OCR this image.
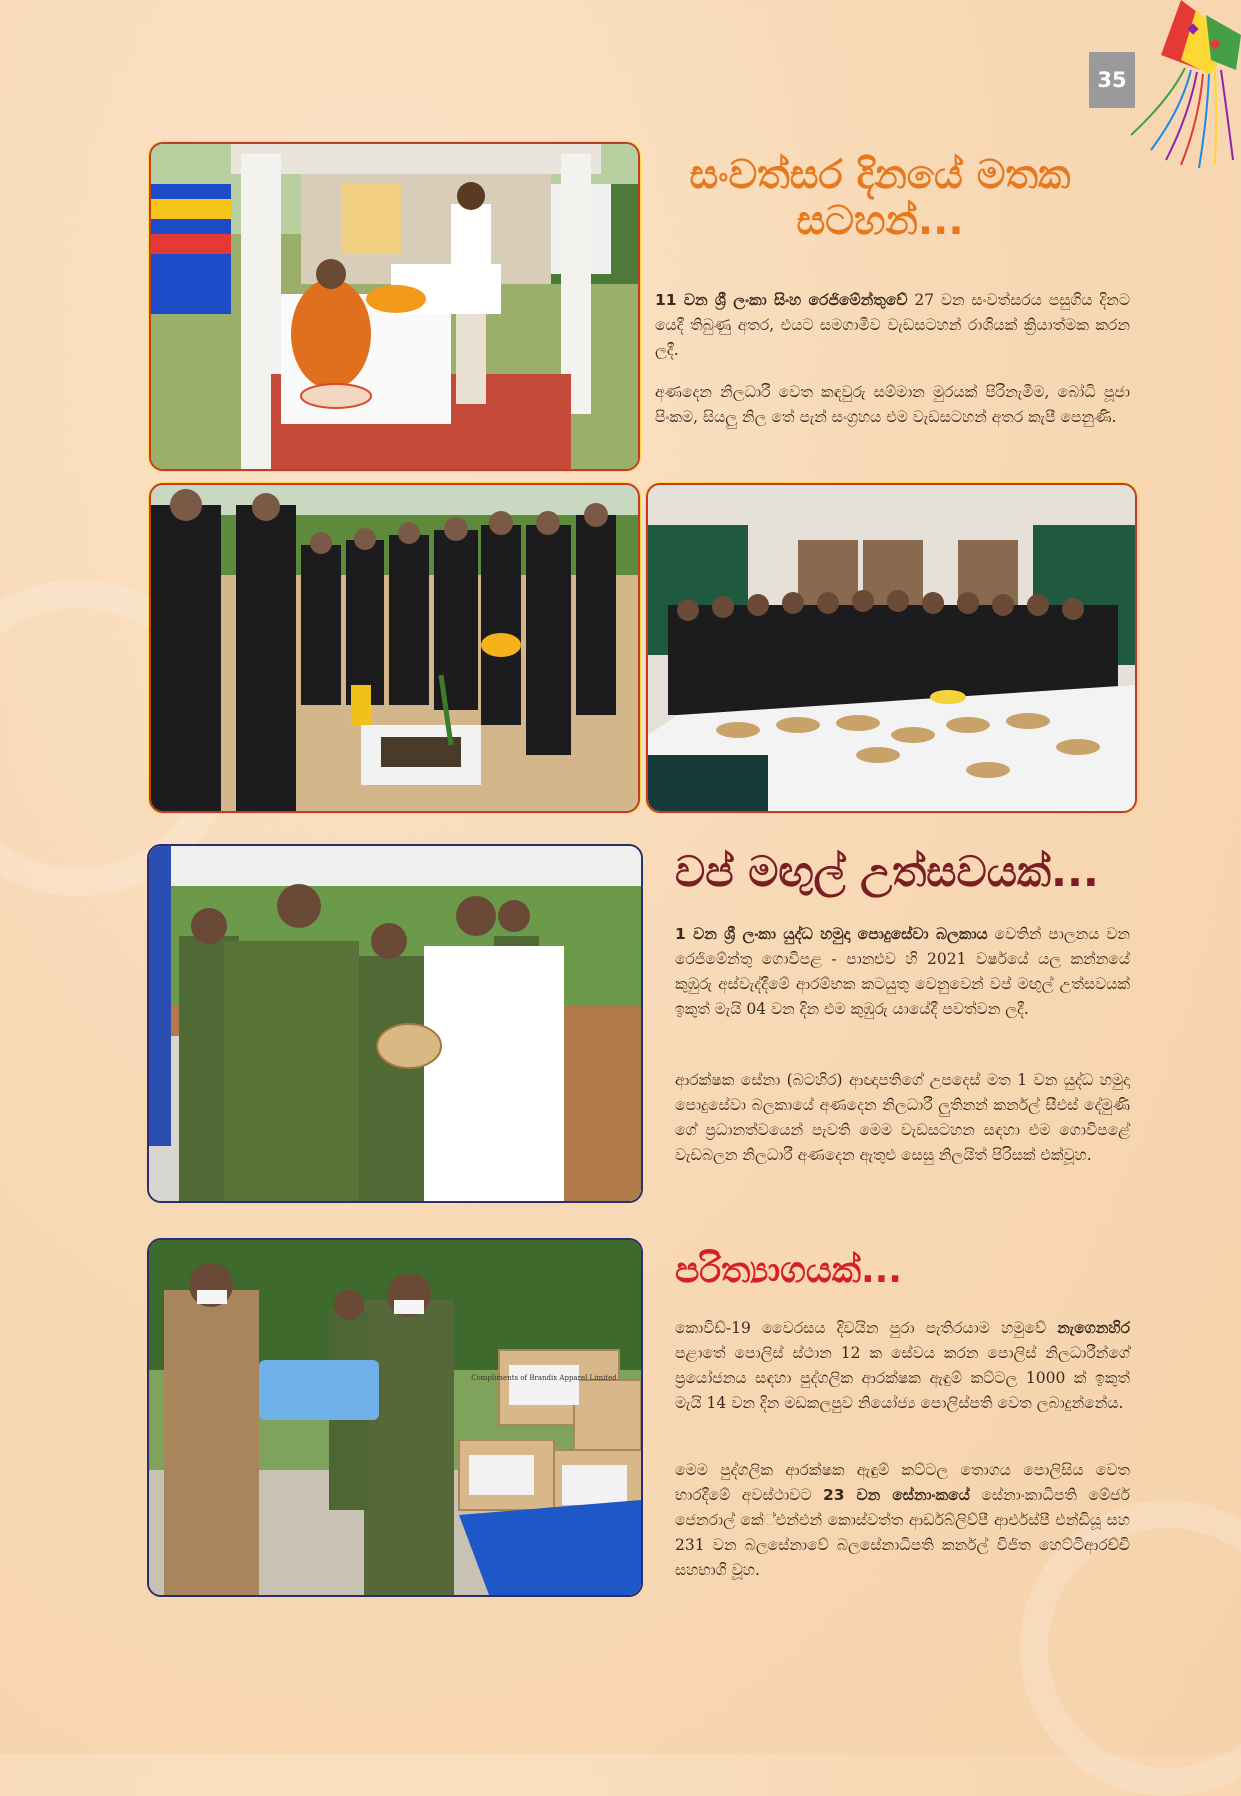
35
සංවත්සර දිනයේ මතක
සටහන්...

11 වන ශ්‍රී ලංකා සිංහ රෙජිමේන්තුවේ 27 වන සංවත්සරය පසුගිය දිනට යෙදී තිබුණු අතර, එයට සමගාමීව වැඩසටහන් රාශියක් ක්‍රියාත්මක කරන ලදී.

අණදෙන නිලධාරී වෙත කඳවුරු සම්මාන මුරයක් පිරිනැමීම, බෝධි පූජා පිංකම, සියලු නිල තේ පැන් සංග්‍රහය එම වැඩසටහන් අතර කැපී පෙනුණි.

වප් මඟුල් උත්සවයක්...

1 වන ශ්‍රී ලංකා යුද්ධ හමුදා පොදුසේවා බලකාය වෙතින් පාලනය වන රෙජිමේන්තු ගොවිපළ - පානළුව හි 2021 වර්ෂයේ යල කන්නයේ කුඹුරු අස්වැද්දීමේ ආරම්භක කටයුතු වෙනුවෙන් වප් මඟුල් උත්සවයක් ඉකුත් මැයි 04 වන දින එම කුඹුරු යායේදී පවත්වන ලදී.

ආරක්ෂක සේනා (බටහිර) ආඥාපතිගේ උපදෙස් මත 1 වන යුද්ධ හමුදා පොදුසේවා බලකායේ අණදෙන නිලධාරී ලුතිනන් කර්නල් සීඑස් දේමුණි ගේ ප්‍රධානත්වයෙන් පැවති මෙම වැඩසටහන සඳහා එම ගොවිපළේ වැඩබලන නිලධාරී අණදෙන ඇතුළු සෙසු නිලයිත් පිරිසක් එක්වූහ.

Compliments of Brandix Apparel Limited
පරිත්‍යාගයක්...

කොවිඩ්-19 වෛරසය දිවයින පුරා පැතිරයාම හමුවේ නැගෙනහිර පළාතේ පොලිස් ස්ථාන 12 ක සේවය කරන පොලිස් නිලධාරීන්ගේ ප්‍රයෝජනය සඳහා පුද්ගලික ආරක්ෂක ඇඳුම් කට්ටල 1000 ක් ඉකුත් මැයි 14 වන දින මඩකලපුව නියෝජ්‍ය පොලිස්පති වෙත ලබාදුන්නේය.

මෙම පුද්ගලික ආරක්ෂක ඇඳුම් කට්ටල තොගය පොලිසිය වෙත භාරදීමේ අවස්ථාවට 23 වන සේනාංකයේ සේනාංකාධිපති මේජර් ජෙනරාල් කේ්එන්එන් කොස්වත්ත ආර්ඩබ්ලිව්පී ආර්එස්පී එන්ඩියූ සහ 231 වන බලසේනාවේ බලසේනාධිපති කර්නල් විජිත හෙට්ටිආරච්චි සහභාගි වූහ.
